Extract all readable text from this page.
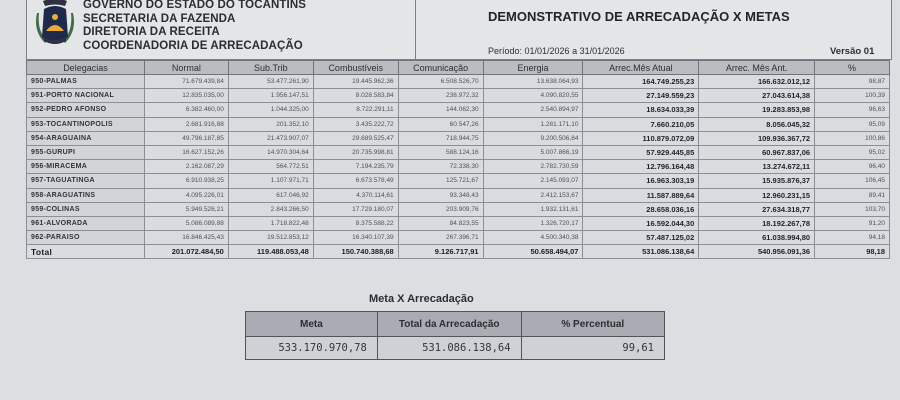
GOVERNO DO ESTADO DO TOCANTINS
SECRETARIA DA FAZENDA
DIRETORIA DA RECEITA
COORDENADORIA DE ARRECADAÇÃO
DEMONSTRATIVO DE ARRECADAÇÃO X METAS
Período: 01/01/2026 a 31/01/2026	Versão 01
Delegacias	Normal	Sub.Trib	Combustíveis	Comunicação	Energia	Arrec.Mês Atual	Arrec. Mês Ant.	%
950-PALMAS	71.679.439,84	53.477.261,90	19.445.962,36	6.508.526,70	13.638.064,93	164.749.255,23	166.632.012,12	98,87
951-PORTO NACIONAL	12.835.035,00	1.956.147,51	8.028.583,84	238.972,32	4.090.820,55	27.149.559,23	27.043.614,38	100,39
952-PEDRO AFONSO	6.382.460,00	1.044.325,00	8.722.291,11	144.062,30	2.540.894,97	18.634.033,39	19.283.853,98	96,63
953-TOCANTINOPOLIS	2.681.916,88	201.352,10	3.435.222,72	60.547,26	1.281.171,10	7.660.210,05	8.056.045,32	95,09
954-ARAGUAINA	49.796.187,85	21.473.907,07	29.689.525,47	718.944,75	9.200.506,84	110.879.072,09	109.936.367,72	100,86
955-GURUPI	16.627.152,26	14.970.304,64	20.735.998,81	588.124,16	5.007.866,19	57.929.445,85	60.967.837,06	95,02
956-MIRACEMA	2.162.087,29	564.772,51	7.194.235,79	72.338,30	2.782.730,59	12.796.164,48	13.274.672,11	96,40
957-TAGUATINGA	6.910.938,25	1.107.971,71	6.673.578,49	125.721,67	2.145.093,07	16.963.303,19	15.935.876,37	106,45
958-ARAGUATINS	4.095.226,01	617.046,92	4.370.114,61	93.348,43	2.412.153,67	11.587.889,64	12.960.231,15	89,41
959-COLINAS	5.949.526,21	2.843.266,50	17.729.180,07	203.909,76	1.932.131,61	28.658.036,16	27.634.318,77	103,70
961-ALVORADA	5.086.089,88	1.718.822,48	8.375.588,22	84.823,55	1.326.720,17	16.592.044,30	18.192.267,78	91,20
962-PARAISO	16.846.425,43	19.512.853,12	16.340.107,39	267.396,71	4.500.340,38	57.487.125,02	61.038.994,80	94,18
Total	201.072.484,50	119.488.053,48	150.740.388,68	9.126.717,91	50.658.494,07	531.086.138,64	540.956.091,36	98,18
Meta X Arrecadação
Meta	Total da Arrecadação	% Percentual
533.170.970,78	531.086.138,64	99,61
